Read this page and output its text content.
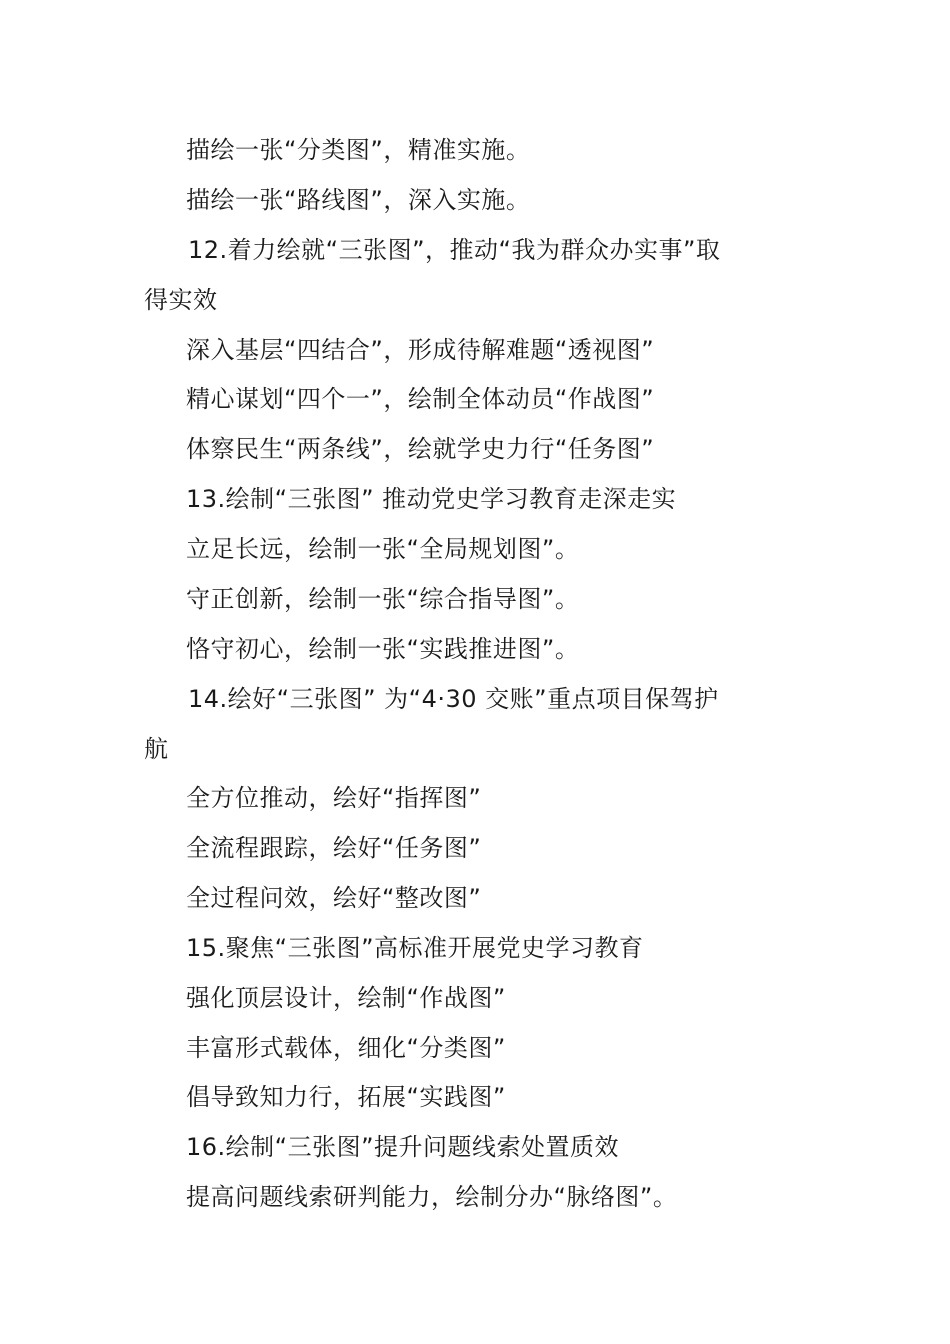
描绘一张“分类图”，精准实施。
描绘一张“路线图”，深入实施。
12.着力绘就“三张图”，推动“我为群众办实事”取
得实效
深入基层“四结合”，形成待解难题“透视图”
精心谋划“四个一”，绘制全体动员“作战图”
体察民生“两条线”，绘就学史力行“任务图”
13.绘制“三张图” 推动党史学习教育走深走实
立足长远，绘制一张“全局规划图”。
守正创新，绘制一张“综合指导图”。
恪守初心，绘制一张“实践推进图”。
14.绘好“三张图” 为“4·30 交账”重点项目保驾护
航
全方位推动，绘好“指挥图”
全流程跟踪，绘好“任务图”
全过程问效，绘好“整改图”
15.聚焦“三张图”高标准开展党史学习教育
强化顶层设计，绘制“作战图”
丰富形式载体，细化“分类图”
倡导致知力行，拓展“实践图”
16.绘制“三张图”提升问题线索处置质效
提高问题线索研判能力，绘制分办“脉络图”。
